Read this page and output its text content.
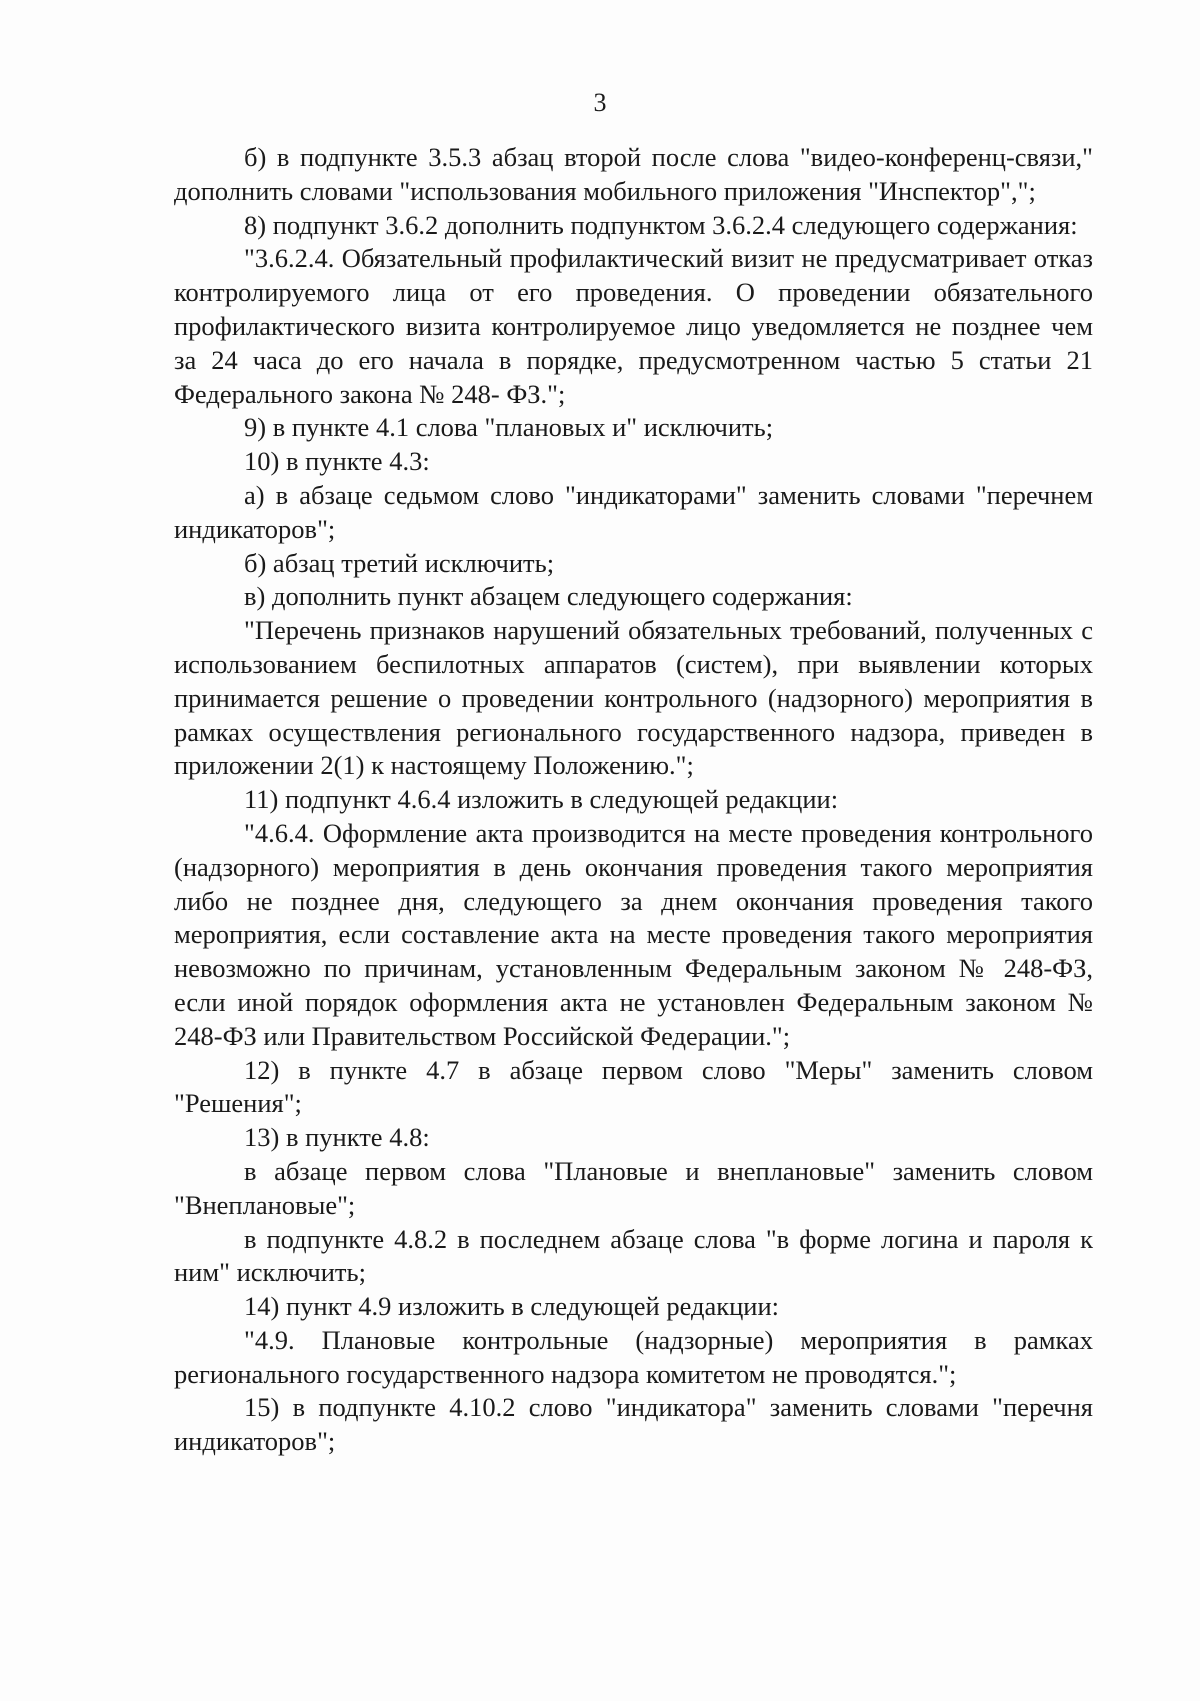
3

б) в подпункте 3.5.3 абзац второй после слова "видео-конференц-связи," дополнить словами "использования мобильного приложения "Инспектор",";

8) подпункт 3.6.2 дополнить подпунктом 3.6.2.4 следующего содержания:

"3.6.2.4. Обязательный профилактический визит не предусматривает отказ контролируемого лица от его проведения. О проведении обязательного профилактического визита контролируемое лицо уведомляется не позднее чем за 24 часа до его начала в порядке, предусмотренном частью 5 статьи 21 Федерального закона № 248- ФЗ.";

9) в пункте 4.1 слова "плановых и" исключить;

10) в пункте 4.3:

а) в абзаце седьмом слово "индикаторами" заменить словами "перечнем индикаторов";

б) абзац третий исключить;

в) дополнить пункт абзацем следующего содержания:

"Перечень признаков нарушений обязательных требований, полученных с использованием беспилотных аппаратов (систем), при выявлении которых принимается решение о проведении контрольного (надзорного) мероприятия в рамках осуществления регионального государственного надзора, приведен в приложении 2(1) к настоящему Положению.";

11) подпункт 4.6.4 изложить в следующей редакции:

"4.6.4. Оформление акта производится на месте проведения контрольного (надзорного) мероприятия в день окончания проведения такого мероприятия либо не позднее дня, следующего за днем окончания проведения такого мероприятия, если составление акта на месте проведения такого мероприятия невозможно по причинам, установленным Федеральным законом № 248-ФЗ, если иной порядок оформления акта не установлен Федеральным законом № 248-ФЗ или Правительством Российской Федерации.";

12) в пункте 4.7 в абзаце первом слово "Меры" заменить словом "Решения";

13) в пункте 4.8:

в абзаце первом слова "Плановые и внеплановые" заменить словом "Внеплановые";

в подпункте 4.8.2 в последнем абзаце слова "в форме логина и пароля к ним" исключить;

14) пункт 4.9 изложить в следующей редакции:

"4.9. Плановые контрольные (надзорные) мероприятия в рамках регионального государственного надзора комитетом не проводятся.";

15) в подпункте 4.10.2 слово "индикатора" заменить словами "перечня индикаторов";
